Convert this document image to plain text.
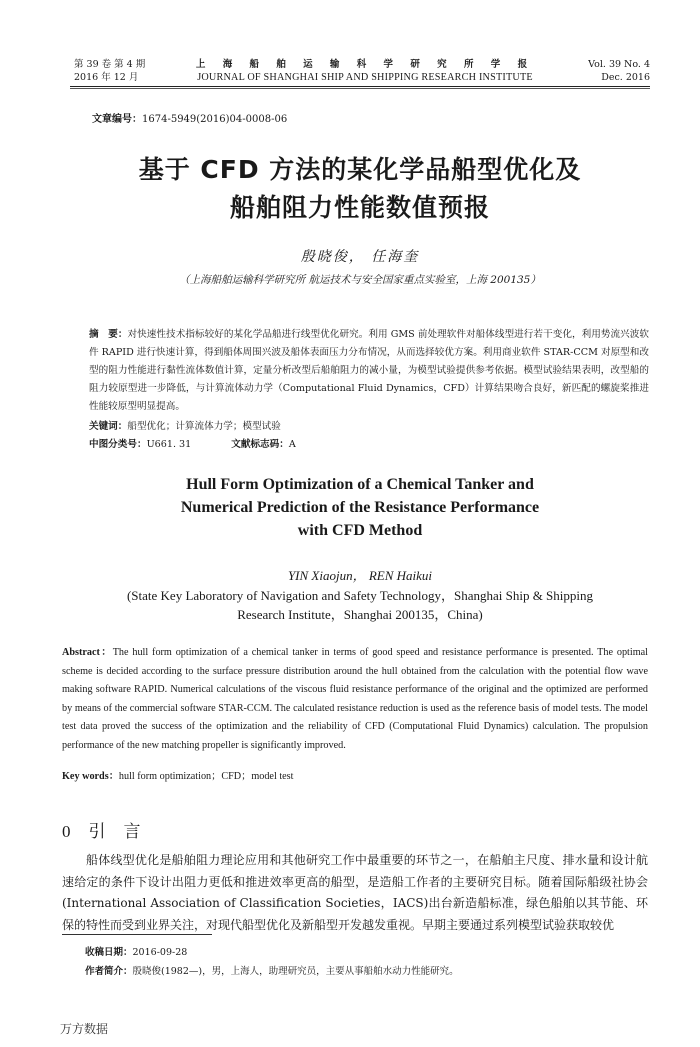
第 39 卷 第 4 期
2016 年 12 月
上 海 船 舶 运 输 科 学 研 究 所 学 报
JOURNAL OF SHANGHAI SHIP AND SHIPPING RESEARCH INSTITUTE
Vol. 39 No. 4
Dec. 2016
文章编号：1674-5949(2016)04-0008-06
基于 CFD 方法的某化学品船型优化及
船舶阻力性能数值预报
殷晓俊， 任海奎
（上海船舶运输科学研究所 航运技术与安全国家重点实验室，上海 200135）
摘　要：对快速性技术指标较好的某化学品船进行线型优化研究。利用 GMS 前处理软件对船体线型进行若干变化，利用势流兴波软件 RAPID 进行快速计算，得到船体周围兴波及船体表面压力分布情况，从而选择较优方案。利用商业软件 STAR-CCM 对原型和改型的阻力性能进行黏性流体数值计算，定量分析改型后船舶阻力的减小量，为模型试验提供参考依据。模型试验结果表明，改型船的阻力较原型进一步降低，与计算流体动力学（Computational Fluid Dynamics，CFD）计算结果吻合良好，新匹配的螺旋桨推进性能较原型明显提高。
关键词：船型优化；计算流体力学；模型试验
中图分类号：U661. 31	文献标志码：A
Hull Form Optimization of a Chemical Tanker and
Numerical Prediction of the Resistance Performance
with CFD Method
YIN Xiaojun， REN Haikui
(State Key Laboratory of Navigation and Safety Technology，Shanghai Ship & Shipping
Research Institute，Shanghai 200135，China)
Abstract：The hull form optimization of a chemical tanker in terms of good speed and resistance performance is presented. The optimal scheme is decided according to the surface pressure distribution around the hull obtained from the calculation with the potential flow wave making software RAPID. Numerical calculations of the viscous fluid resistance performance of the original and the optimized are performed by means of the commercial software STAR-CCM. The calculated resistance reduction is used as the reference basis of model tests. The model test data proved the success of the optimization and the reliability of CFD (Computational Fluid Dynamics) calculation. The propulsion performance of the new matching propeller is significantly improved.
Key words：hull form optimization；CFD；model test
0 引言

船体线型优化是船舶阻力理论应用和其他研究工作中最重要的环节之一，在船舶主尺度、排水量和设计航速给定的条件下设计出阻力更低和推进效率更高的船型，是造船工作者的主要研究目标。随着国际船级社协会(International Association of Classification Societies，IACS)出台新造船标准，绿色船舶以其节能、环保的特性而受到业界关注，对现代船型优化及新船型开发越发重视。早期主要通过系列模型试验获取较优

收稿日期：2016-09-28
作者简介：殷晓俊(1982—)，男，上海人，助理研究员，主要从事船舶水动力性能研究。
万方数据
